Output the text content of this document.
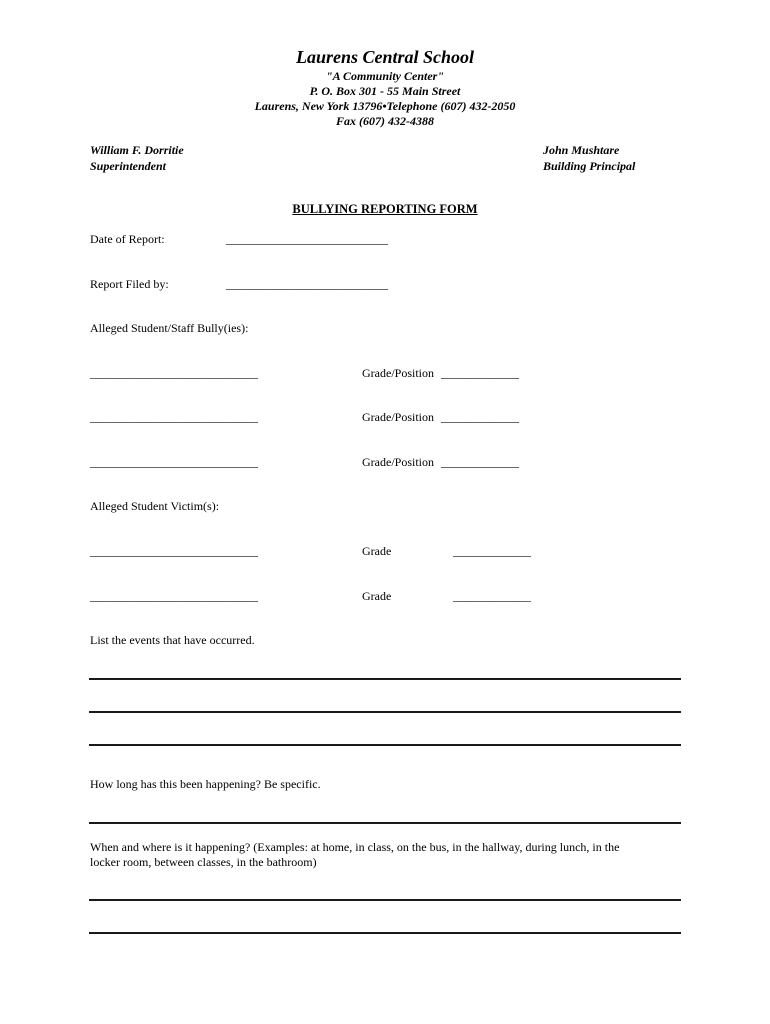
Laurens Central School
"A Community Center"
P. O. Box 301 - 55 Main Street
Laurens, New York 13796•Telephone (607) 432-2050
Fax (607) 432-4388
William F. Dorritie
Superintendent
John Mushtare
Building Principal
BULLYING REPORTING FORM
Date of Report:	___________________________
Report Filed by:	___________________________
Alleged Student/Staff Bully(ies):
____________________________	Grade/Position _____________
____________________________	Grade/Position _____________
____________________________	Grade/Position _____________
Alleged Student Victim(s):
____________________________	Grade	_____________
____________________________	Grade	_____________
List the events that have occurred.
How long has this been happening? Be specific.
When and where is it happening? (Examples: at home, in class, on the bus, in the hallway, during lunch, in the
locker room, between classes, in the bathroom)
